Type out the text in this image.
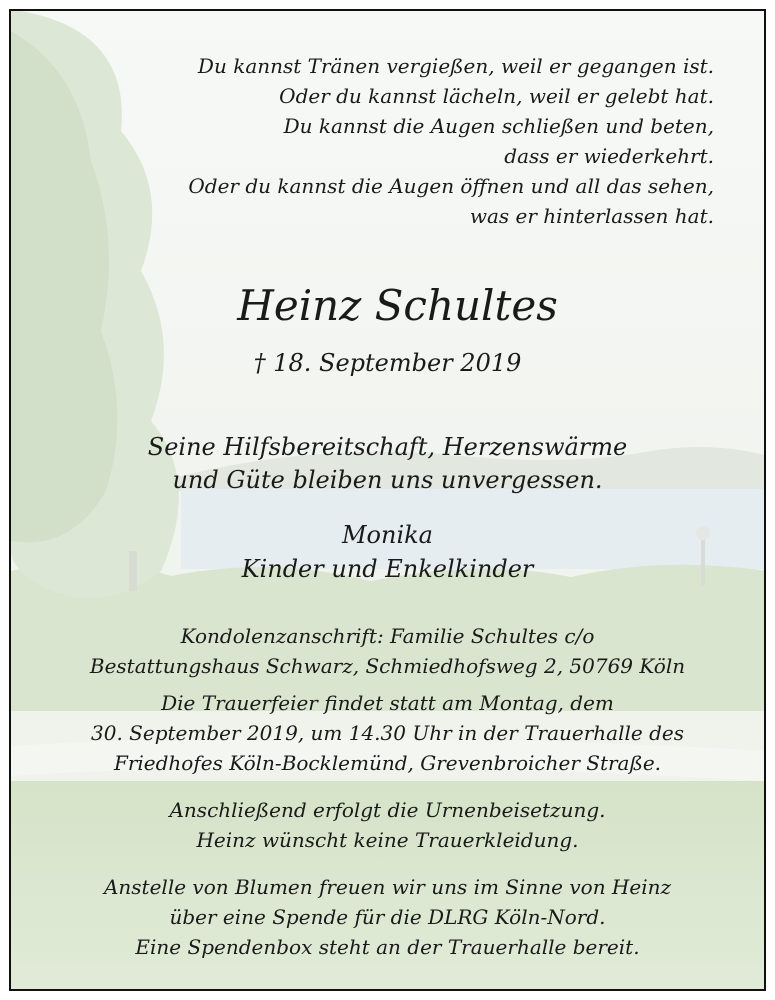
Du kannst Tränen vergießen, weil er gegangen ist.
Oder du kannst lächeln, weil er gelebt hat.
Du kannst die Augen schließen und beten,
dass er wiederkehrt.
Oder du kannst die Augen öffnen und all das sehen,
was er hinterlassen hat.
Heinz Schultes
† 18. September 2019
Seine Hilfsbereitschaft, Herzenswärme
und Güte bleiben uns unvergessen.
Monika
Kinder und Enkelkinder
Kondolenzanschrift: Familie Schultes c/o
Bestattungshaus Schwarz, Schmiedhofsweg 2, 50769 Köln
Die Trauerfeier findet statt am Montag, dem
30. September 2019, um 14.30 Uhr in der Trauerhalle des
Friedhofes Köln-Bocklemünd, Grevenbroicher Straße.
Anschließend erfolgt die Urnenbeisetzung.
Heinz wünscht keine Trauerkleidung.
Anstelle von Blumen freuen wir uns im Sinne von Heinz
über eine Spende für die DLRG Köln-Nord.
Eine Spendenbox steht an der Trauerhalle bereit.
